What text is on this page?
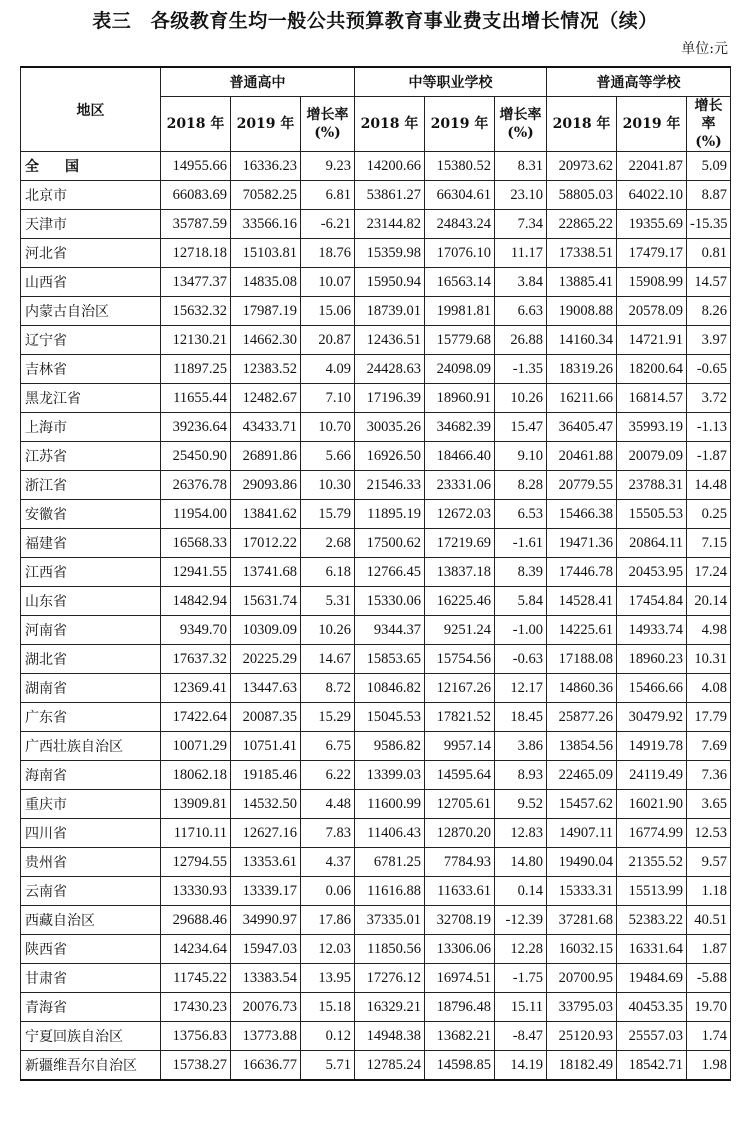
表三　各级教育生均一般公共预算教育事业费支出增长情况（续）
单位:元
地区	普通高中			中等职业学校			普通高等学校		
	2018 年	2019 年	增长率
(%)	2018 年	2019 年	增长率
(%)	2018 年	2019 年	增长率
(%)
全　国	14955.66	16336.23	9.23	14200.66	15380.52	8.31	20973.62	22041.87	5.09
北京市	66083.69	70582.25	6.81	53861.27	66304.61	23.10	58805.03	64022.10	8.87
天津市	35787.59	33566.16	-6.21	23144.82	24843.24	7.34	22865.22	19355.69	-15.35
河北省	12718.18	15103.81	18.76	15359.98	17076.10	11.17	17338.51	17479.17	0.81
山西省	13477.37	14835.08	10.07	15950.94	16563.14	3.84	13885.41	15908.99	14.57
内蒙古自治区	15632.32	17987.19	15.06	18739.01	19981.81	6.63	19008.88	20578.09	8.26
辽宁省	12130.21	14662.30	20.87	12436.51	15779.68	26.88	14160.34	14721.91	3.97
吉林省	11897.25	12383.52	4.09	24428.63	24098.09	-1.35	18319.26	18200.64	-0.65
黑龙江省	11655.44	12482.67	7.10	17196.39	18960.91	10.26	16211.66	16814.57	3.72
上海市	39236.64	43433.71	10.70	30035.26	34682.39	15.47	36405.47	35993.19	-1.13
江苏省	25450.90	26891.86	5.66	16926.50	18466.40	9.10	20461.88	20079.09	-1.87
浙江省	26376.78	29093.86	10.30	21546.33	23331.06	8.28	20779.55	23788.31	14.48
安徽省	11954.00	13841.62	15.79	11895.19	12672.03	6.53	15466.38	15505.53	0.25
福建省	16568.33	17012.22	2.68	17500.62	17219.69	-1.61	19471.36	20864.11	7.15
江西省	12941.55	13741.68	6.18	12766.45	13837.18	8.39	17446.78	20453.95	17.24
山东省	14842.94	15631.74	5.31	15330.06	16225.46	5.84	14528.41	17454.84	20.14
河南省	9349.70	10309.09	10.26	9344.37	9251.24	-1.00	14225.61	14933.74	4.98
湖北省	17637.32	20225.29	14.67	15853.65	15754.56	-0.63	17188.08	18960.23	10.31
湖南省	12369.41	13447.63	8.72	10846.82	12167.26	12.17	14860.36	15466.66	4.08
广东省	17422.64	20087.35	15.29	15045.53	17821.52	18.45	25877.26	30479.92	17.79
广西壮族自治区	10071.29	10751.41	6.75	9586.82	9957.14	3.86	13854.56	14919.78	7.69
海南省	18062.18	19185.46	6.22	13399.03	14595.64	8.93	22465.09	24119.49	7.36
重庆市	13909.81	14532.50	4.48	11600.99	12705.61	9.52	15457.62	16021.90	3.65
四川省	11710.11	12627.16	7.83	11406.43	12870.20	12.83	14907.11	16774.99	12.53
贵州省	12794.55	13353.61	4.37	6781.25	7784.93	14.80	19490.04	21355.52	9.57
云南省	13330.93	13339.17	0.06	11616.88	11633.61	0.14	15333.31	15513.99	1.18
西藏自治区	29688.46	34990.97	17.86	37335.01	32708.19	-12.39	37281.68	52383.22	40.51
陕西省	14234.64	15947.03	12.03	11850.56	13306.06	12.28	16032.15	16331.64	1.87
甘肃省	11745.22	13383.54	13.95	17276.12	16974.51	-1.75	20700.95	19484.69	-5.88
青海省	17430.23	20076.73	15.18	16329.21	18796.48	15.11	33795.03	40453.35	19.70
宁夏回族自治区	13756.83	13773.88	0.12	14948.38	13682.21	-8.47	25120.93	25557.03	1.74
新疆维吾尔自治区	15738.27	16636.77	5.71	12785.24	14598.85	14.19	18182.49	18542.71	1.98
